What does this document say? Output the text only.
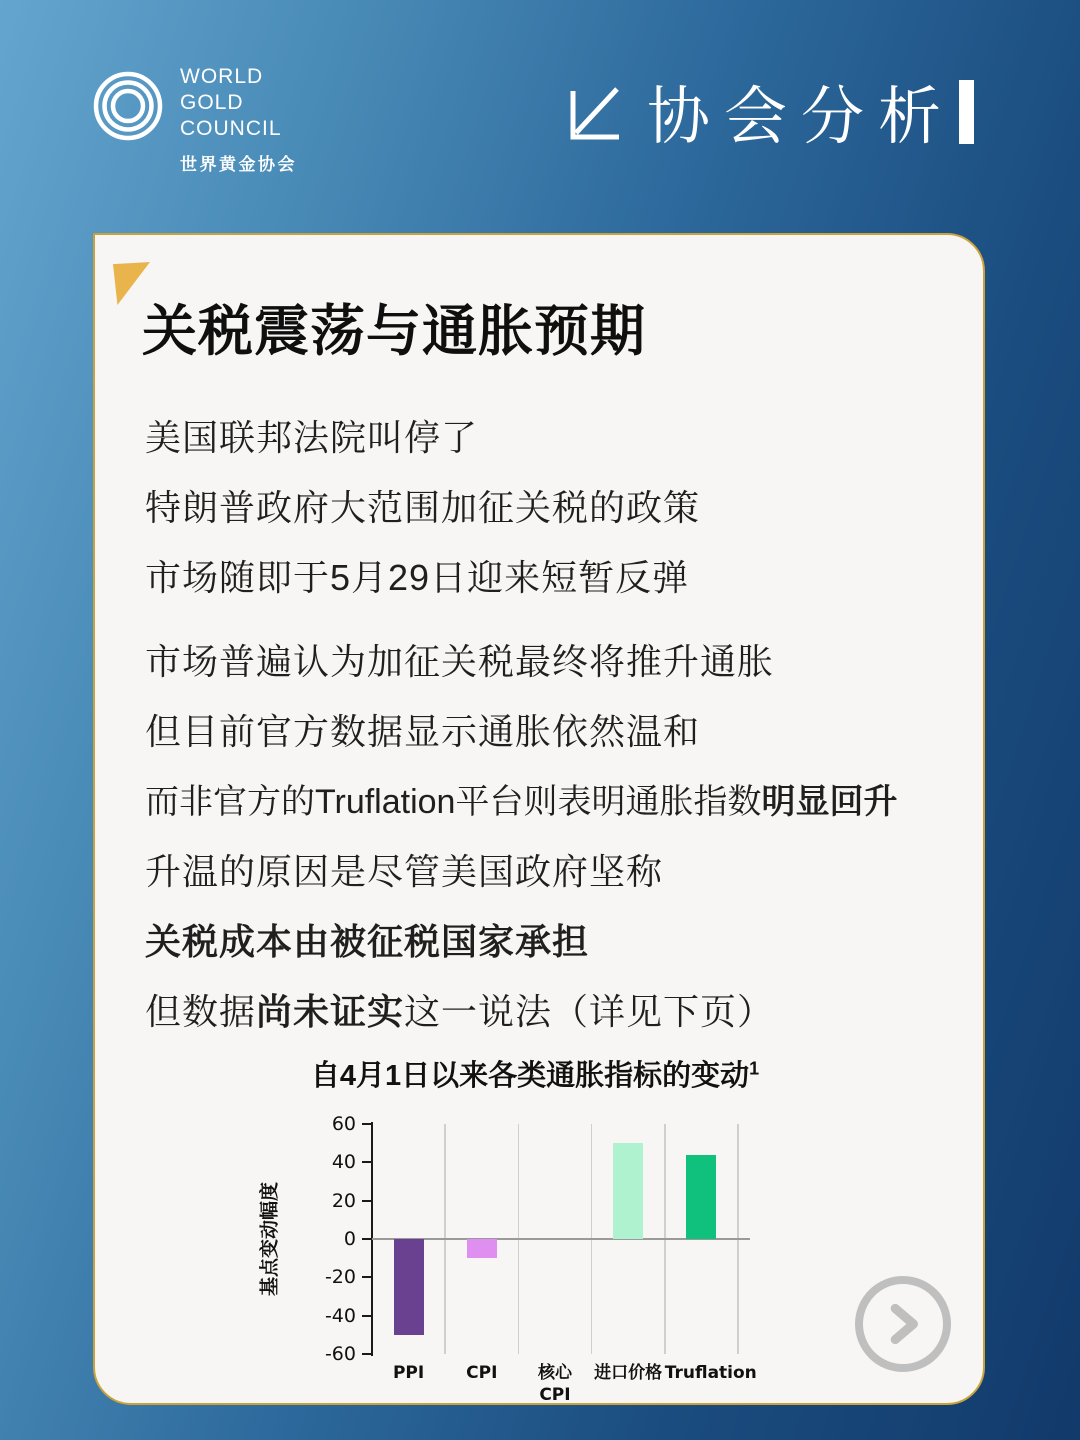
WORLD
GOLD
COUNCIL
世界黄金协会
协会分析
关税震荡与通胀预期
美国联邦法院叫停了
特朗普政府大范围加征关税的政策
市场随即于5月29日迎来短暂反弹
市场普遍认为加征关税最终将推升通胀
但目前官方数据显示通胀依然温和
而非官方的Truflation平台则表明通胀指数明显回升
升温的原因是尽管美国政府坚称
关税成本由被征税国家承担
但数据尚未证实这一说法（详见下页）
自4月1日以来各类通胀指标的变动$^1$
基点变动幅度
PPI	CPI	核心
CPI
进口价格 Truflation
-60
-40
-20
0
20
40
60
